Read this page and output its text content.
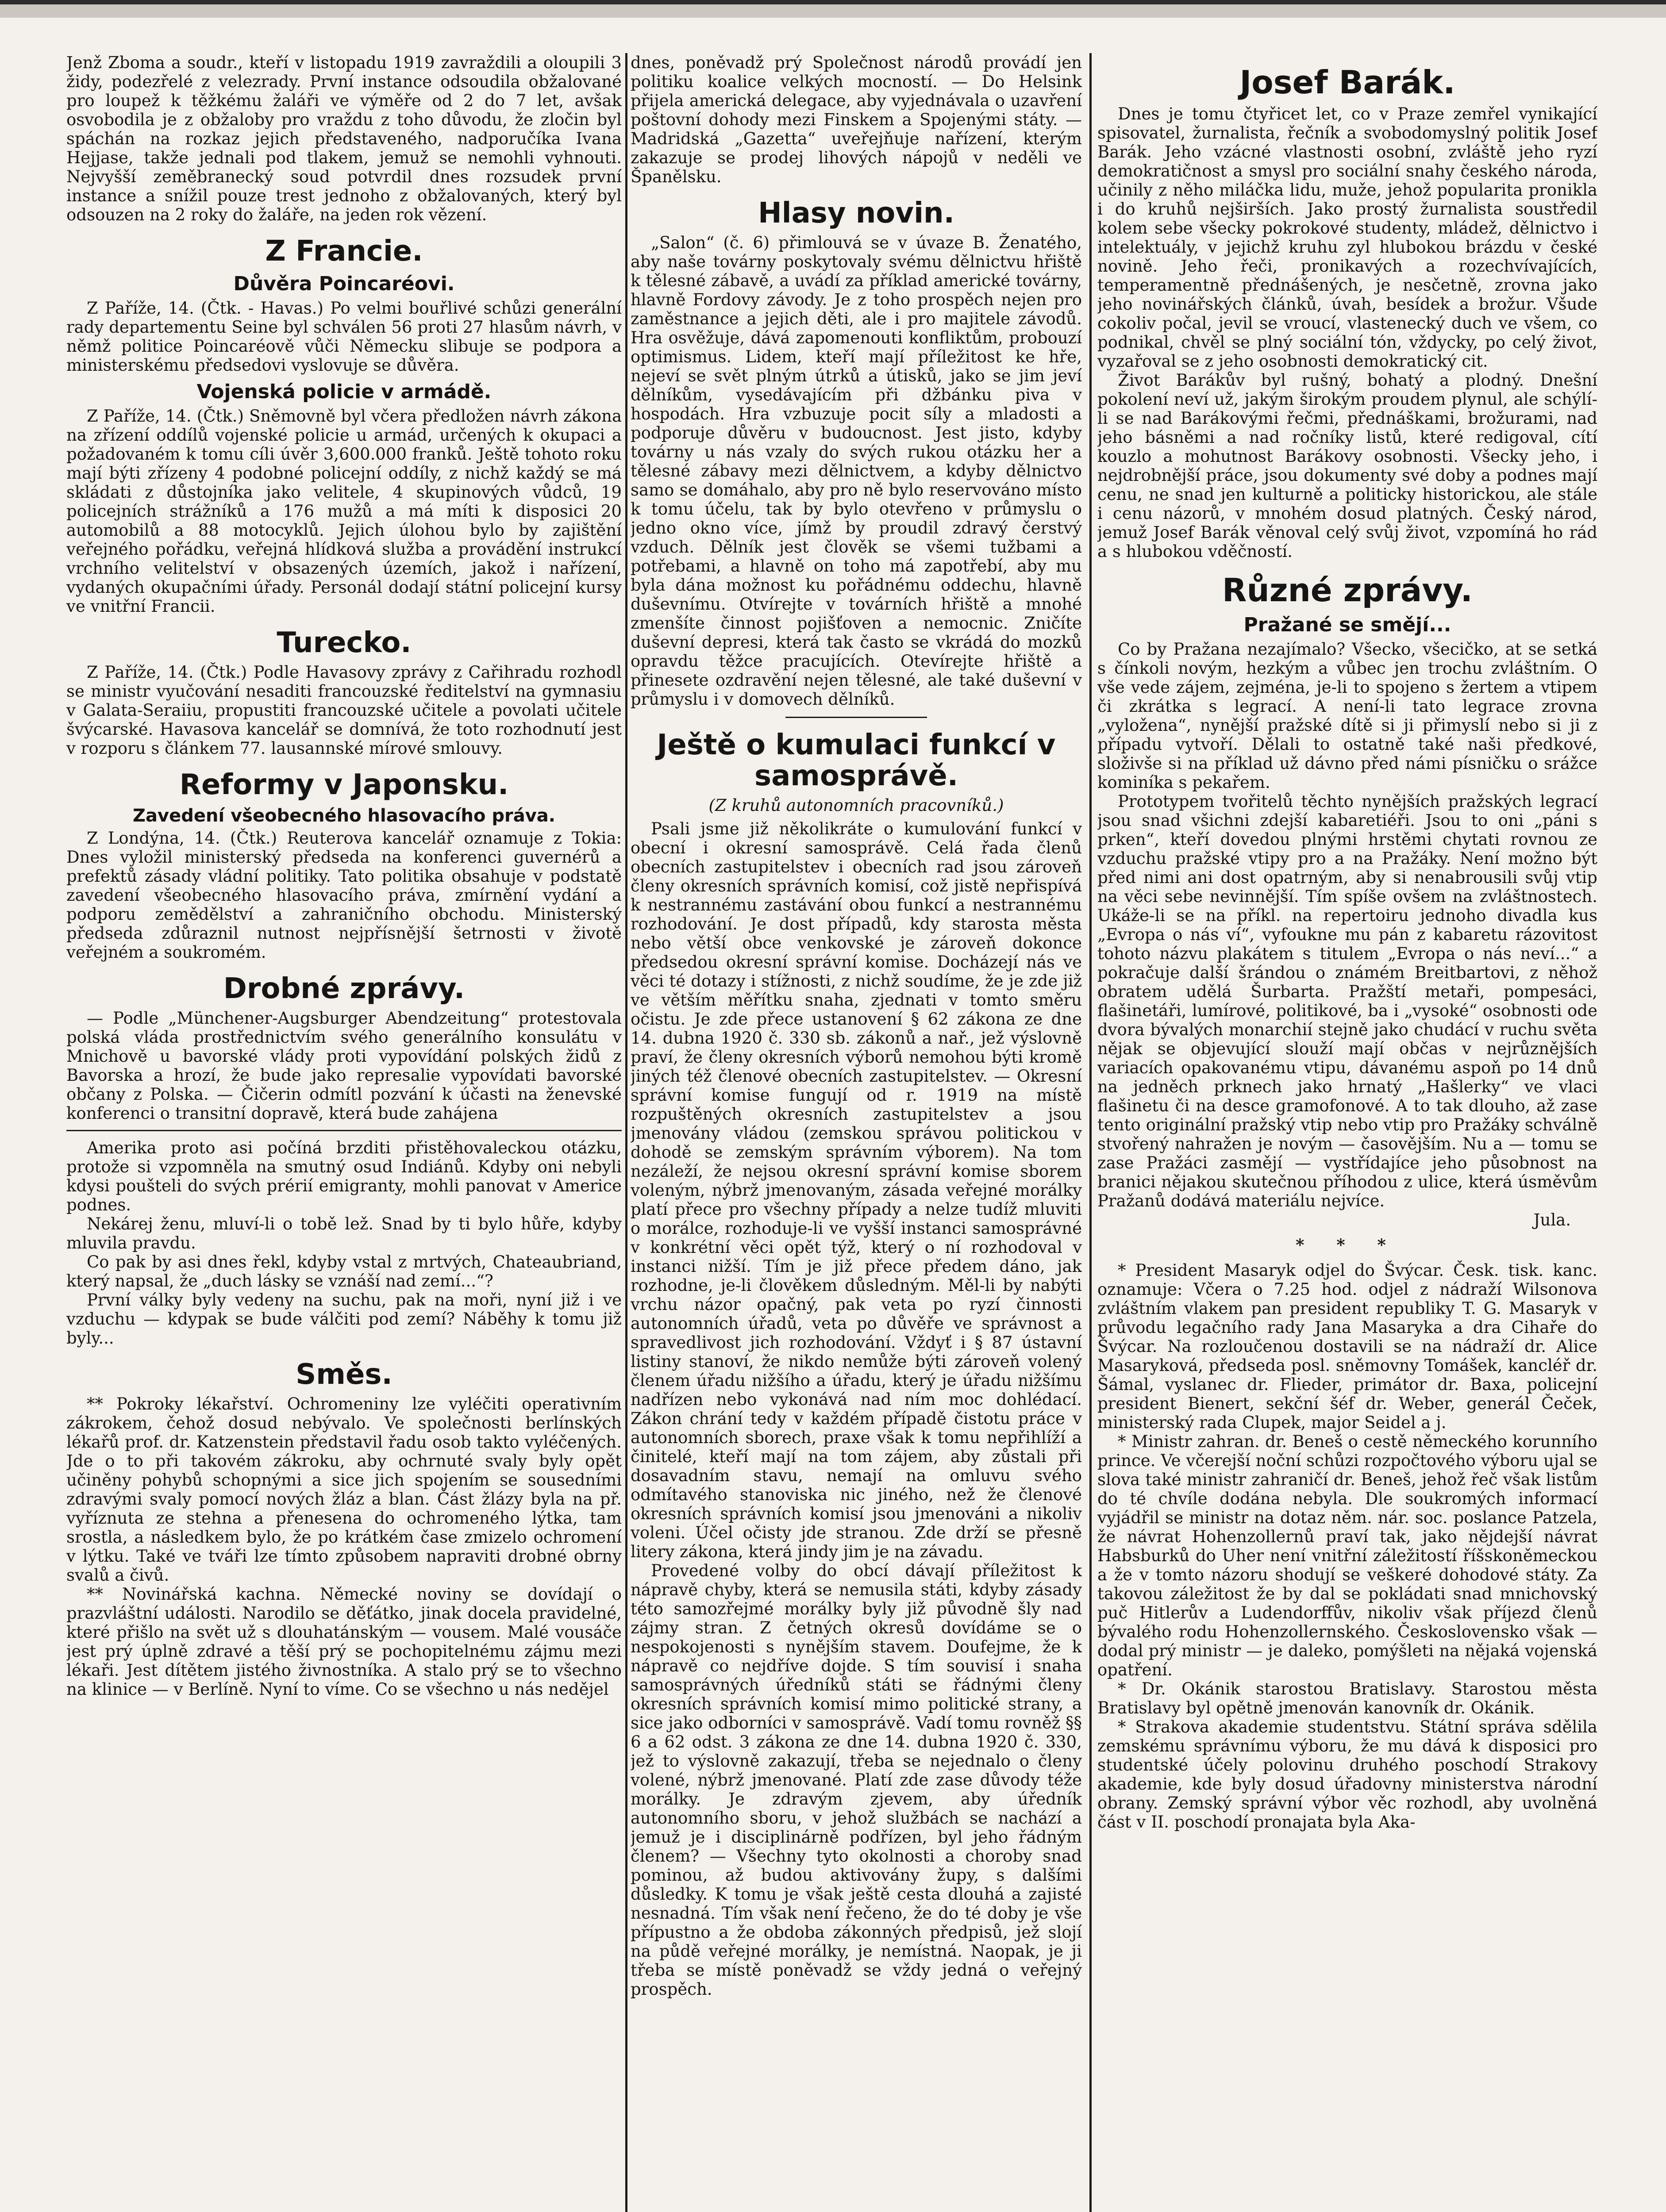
Jenž Zboma a soudr., kteří v listopadu 1919 zavraždili a oloupili 3 židy, podezřelé z velezrady. První instance odsoudila obžalované pro loupež k těžkému žaláři ve výměře od 2 do 7 let, avšak osvobodila je z obžaloby pro vraždu z toho důvodu, že zločin byl spáchán na rozkaz jejich představeného, nadporučíka Ivana Hejjase, takže jednali pod tlakem, jemuž se nemohli vyhnouti. Nejvyšší zeměbranecký soud potvrdil dnes rozsudek první instance a snížil pouze trest jednoho z obžalovaných, který byl odsouzen na 2 roky do žaláře, na jeden rok vězení.

Z Francie.
Důvěra Poincaréovi.

Z Paříže, 14. (Čtk. - Havas.) Po velmi bouřlivé schůzi generální rady departementu Seine byl schválen 56 proti 27 hlasům návrh, v němž politice Poincaréově vůči Německu slibuje se podpora a ministerskému předsedovi vyslovuje se důvěra.

Vojenská policie v armádě.

Z Paříže, 14. (Čtk.) Sněmovně byl včera předložen návrh zákona na zřízení oddílů vojenské policie u armád, určených k okupaci a požadovaném k tomu cíli úvěr 3,600.000 franků. Ještě tohoto roku mají býti zřízeny 4 podobné policejní oddíly, z nichž každý se má skládati z důstojníka jako velitele, 4 skupinových vůdců, 19 policejních strážníků a 176 mužů a má míti k disposici 20 automobilů a 88 motocyklů. Jejich úlohou bylo by zajištění veřejného pořádku, veřejná hlídková služba a provádění instrukcí vrchního velitelství v obsazených územích, jakož i nařízení, vydaných okupačními úřady. Personál dodají státní policejní kursy ve vnitřní Francii.

Turecko.

Z Paříže, 14. (Čtk.) Podle Havasovy zprávy z Cařihradu rozhodl se ministr vyučování nesaditi francouzské ředitelství na gymnasiu v Galata-Seraiiu, propustiti francouzské učitele a povolati učitele švýcarské. Havasova kancelář se domnívá, že toto rozhodnutí jest v rozporu s článkem 77. lausannské mírové smlouvy.

Reformy v Japonsku.
Zavedení všeobecného hlasovacího práva.

Z Londýna, 14. (Čtk.) Reuterova kancelář oznamuje z Tokia: Dnes vyložil ministerský předseda na konferenci guvernérů a prefektů zásady vládní politiky. Tato politika obsahuje v podstatě zavedení všeobecného hlasovacího práva, zmírnění vydání a podporu zemědělství a zahraničního obchodu. Ministerský předseda zdůraznil nutnost nejpřísnější šetrnosti v životě veřejném a soukromém.

Drobné zprávy.

— Podle „Münchener-Augsburger Abendzeitung“ protestovala polská vláda prostřednictvím svého generálního konsulátu v Mnichově u bavorské vlády proti vypovídání polských židů z Bavorska a hrozí, že bude jako represalie vypovídati bavorské občany z Polska. — Čičerin odmítl pozvání k účasti na ženevské konferenci o transitní dopravě, která bude zahájena

Amerika proto asi počíná brzditi přistěhovaleckou otázku, protože si vzpomněla na smutný osud Indiánů. Kdyby oni nebyli kdysi poušteli do svých prérií emigranty, mohli panovat v Americe podnes.

Nekárej ženu, mluví-li o tobě lež. Snad by ti bylo hůře, kdyby mluvila pravdu.

Co pak by asi dnes řekl, kdyby vstal z mrtvých, Chateaubriand, který napsal, že „duch lásky se vznáší nad zemí...“?

První války byly vedeny na suchu, pak na moři, nyní již i ve vzduchu — kdypak se bude válčiti pod zemí? Náběhy k tomu již byly...

Směs.

** Pokroky lékařství. Ochromeniny lze vyléčiti operativním zákrokem, čehož dosud nebývalo. Ve společnosti berlínských lékařů prof. dr. Katzenstein představil řadu osob takto vyléčených. Jde o to při takovém zákroku, aby ochrnuté svaly byly opět učiněny pohybů schopnými a sice jich spojením se sousedními zdravými svaly pomocí nových žláz a blan. Část žlázy byla na př. vyříznuta ze stehna a přenesena do ochromeného lýtka, tam srostla, a následkem bylo, že po krátkém čase zmizelo ochromení v lýtku. Také ve tváři lze tímto způsobem napraviti drobné obrny svalů a čivů.

** Novinářská kachna. Německé noviny se dovídají o prazvláštní události. Narodilo se děťátko, jinak docela pravidelné, které přišlo na svět už s dlouhatánským — vousem. Malé vousáče jest prý úplně zdravé a těší prý se pochopitelnému zájmu mezi lékaři. Jest dítětem jistého živnostníka. A stalo prý se to všechno na klinice — v Berlíně. Nyní to víme. Co se všechno u nás nedějel

dnes, poněvadž prý Společnost národů provádí jen politiku koalice velkých mocností. — Do Helsink přijela americká delegace, aby vyjednávala o uzavření poštovní dohody mezi Finskem a Spojenými státy. — Madridská „Gazetta“ uveřejňuje nařízení, kterým zakazuje se prodej lihových nápojů v neděli ve Španělsku.

Hlasy novin.

„Salon“ (č. 6) přimlouvá se v úvaze B. Ženatého, aby naše továrny poskytovaly svému dělnictvu hřiště k tělesné zábavě, a uvádí za příklad americké továrny, hlavně Fordovy závody. Je z toho prospěch nejen pro zaměstnance a jejich děti, ale i pro majitele závodů. Hra osvěžuje, dává zapomenouti konfliktům, probouzí optimismus. Lidem, kteří mají příležitost ke hře, nejeví se svět plným útrků a útisků, jako se jim jeví dělníkům, vysedávajícím při džbánku piva v hospodách. Hra vzbuzuje pocit síly a mladosti a podporuje důvěru v budoucnost. Jest jisto, kdyby továrny u nás vzaly do svých rukou otázku her a tělesné zábavy mezi dělnictvem, a kdyby dělnictvo samo se domáhalo, aby pro ně bylo reservováno místo k tomu účelu, tak by bylo otevřeno v průmyslu o jedno okno více, jímž by proudil zdravý čerstvý vzduch. Dělník jest člověk se všemi tužbami a potřebami, a hlavně on toho má zapotřebí, aby mu byla dána možnost ku pořádnému oddechu, hlavně duševnímu. Otvírejte v továrních hřiště a mnohé zmenšíte činnost pojišťoven a nemocnic. Zničíte duševní depresi, která tak často se vkrádá do mozků opravdu těžce pracujících. Otevírejte hřiště a přinesete ozdravění nejen tělesné, ale také duševní v průmyslu i v domovech dělníků.

Ještě o kumulaci funkcí v samosprávě.
(Z kruhů autonomních pracovníků.)

Psali jsme již několikráte o kumulování funkcí v obecní i okresní samosprávě. Celá řada členů obecních zastupitelstev i obecních rad jsou zároveň členy okresních správních komisí, což jistě nepřispívá k nestrannému zastávání obou funkcí a nestrannému rozhodování. Je dost případů, kdy starosta města nebo větší obce venkovské je zároveň dokonce předsedou okresní správní komise. Docházejí nás ve věci té dotazy i stížnosti, z nichž soudíme, že je zde již ve větším měřítku snaha, zjednati v tomto směru očistu. Je zde přece ustanovení § 62 zákona ze dne 14. dubna 1920 č. 330 sb. zákonů a nař., jež výslovně praví, že členy okresních výborů nemohou býti kromě jiných též členové obecních zastupitelstev. — Okresní správní komise fungují od r. 1919 na místě rozpuštěných okresních zastupitelstev a jsou jmenovány vládou (zemskou správou politickou v dohodě se zemským správním výborem). Na tom nezáleží, že nejsou okresní správní komise sborem voleným, nýbrž jmenovaným, zásada veřejné morálky platí přece pro všechny případy a nelze tudíž mluviti o morálce, rozhoduje-li ve vyšší instanci samosprávné v konkrétní věci opět týž, který o ní rozhodoval v instanci nižší. Tím je již přece předem dáno, jak rozhodne, je-li člověkem důsledným. Měl-li by nabýti vrchu názor opačný, pak veta po ryzí činnosti autonomních úřadů, veta po důvěře ve správnost a spravedlivost jich rozhodování. Vždyť i § 87 ústavní listiny stanoví, že nikdo nemůže býti zároveň volený členem úřadu nižšího a úřadu, který je úřadu nižšímu nadřízen nebo vykonává nad ním moc dohlédací. Zákon chrání tedy v každém případě čistotu práce v autonomních sborech, praxe však k tomu nepřihlíží a činitelé, kteří mají na tom zájem, aby zůstali při dosavadním stavu, nemají na omluvu svého odmítavého stanoviska nic jiného, než že členové okresních správních komisí jsou jmenováni a nikoliv voleni. Účel očisty jde stranou. Zde drží se přesně litery zákona, která jindy jim je na závadu.

Provedené volby do obcí dávají příležitost k nápravě chyby, která se nemusila státi, kdyby zásady této samozřejmé morálky byly již původně šly nad zájmy stran. Z četných okresů dovídáme se o nespokojenosti s nynějším stavem. Doufejme, že k nápravě co nejdříve dojde. S tím souvisí i snaha samosprávných úředníků státi se řádnými členy okresních správních komisí mimo politické strany, a sice jako odborníci v samosprávě. Vadí tomu rovněž §§ 6 a 62 odst. 3 zákona ze dne 14. dubna 1920 č. 330, jež to výslovně zakazují, třeba se nejednalo o členy volené, nýbrž jmenované. Platí zde zase důvody téže morálky. Je zdravým zjevem, aby úředník autonomního sboru, v jehož službách se nachází a jemuž je i disciplinárně podřízen, byl jeho řádným členem? — Všechny tyto okolnosti a choroby snad pominou, až budou aktivovány župy, s dalšími důsledky. K tomu je však ještě cesta dlouhá a zajisté nesnadná. Tím však není řečeno, že do té doby je vše přípustno a že obdoba zákonných předpisů, jež slojí na půdě veřejné morálky, je nemístná. Naopak, je ji třeba se místě poněvadž se vždy jedná o veřejný prospěch.

Josef Barák.

Dnes je tomu čtyřicet let, co v Praze zemřel vynikající spisovatel, žurnalista, řečník a svobodomyslný politik Josef Barák. Jeho vzácné vlastnosti osobní, zvláště jeho ryzí demokratičnost a smysl pro sociální snahy českého národa, učinily z něho miláčka lidu, muže, jehož popularita pronikla i do kruhů nejširších. Jako prostý žurnalista soustředil kolem sebe všecky pokrokové studenty, mládež, dělnictvo i intelektuály, v jejichž kruhu zyl hlubokou brázdu v české novině. Jeho řeči, pronikavých a rozechvívajících, temperamentně přednášených, je nesčetně, zrovna jako jeho novinářských článků, úvah, besídek a brožur. Všude cokoliv počal, jevil se vroucí, vlastenecký duch ve všem, co podnikal, chvěl se plný sociální tón, vždycky, po celý život, vyzařoval se z jeho osobnosti demokratický cit.

Život Barákův byl rušný, bohatý a plodný. Dnešní pokolení neví už, jakým širokým proudem plynul, ale schýlí-li se nad Barákovými řečmi, přednáškami, brožurami, nad jeho básněmi a nad ročníky listů, které redigoval, cítí kouzlo a mohutnost Barákovy osobnosti. Všecky jeho, i nejdrobnější práce, jsou dokumenty své doby a podnes mají cenu, ne snad jen kulturně a politicky historickou, ale stále i cenu názorů, v mnohém dosud platných. Český národ, jemuž Josef Barák věnoval celý svůj život, vzpomíná ho rád a s hlubokou vděčností.

Různé zprávy.
Pražané se smějí...

Co by Pražana nezajímalo? Všecko, všecičko, at se setká s čínkoli novým, hezkým a vůbec jen trochu zvláštním. O vše vede zájem, zejména, je-li to spojeno s žertem a vtipem či zkrátka s legrací. A není-li tato legrace zrovna „vyložena“, nynější pražské dítě si ji přimyslí nebo si ji z případu vytvoří. Dělali to ostatně také naši předkové, složivše si na příklad už dávno před námi písničku o srážce kominíka s pekařem.

Prototypem tvořitelů těchto nynějších pražských legrací jsou snad všichni zdejší kabaretiéři. Jsou to oni „páni s prken“, kteří dovedou plnými hrstěmi chytati rovnou ze vzduchu pražské vtipy pro a na Pražáky. Není možno být před nimi ani dost opatrným, aby si nenabrousili svůj vtip na věci sebe nevinnější. Tím spíše ovšem na zvláštnostech. Ukáže-li se na příkl. na repertoiru jednoho divadla kus „Evropa o nás ví“, vyfoukne mu pán z kabaretu rázovitost tohoto názvu plakátem s titulem „Evropa o nás neví...“ a pokračuje další šrándou o známém Breitbartovi, z něhož obratem udělá Šurbarta. Pražští metaři, pompesáci, flašinetáři, lumírové, politikové, ba i „vysoké“ osobnosti ode dvora bývalých monarchií stejně jako chudácí v ruchu světa nějak se objevující slouží mají občas v nejrůznějších variacích opakovanému vtipu, dávanému aspoň po 14 dnů na jedněch prknech jako hrnatý „Hašlerky“ ve vlaci flašinetu či na desce gramofonové. A to tak dlouho, až zase tento originální pražský vtip nebo vtip pro Pražáky schválně stvořený nahražen je novým — časovějším. Nu a — tomu se zase Pražáci zasmějí — vystřídajíce jeho působnost na branici nějakou skutečnou příhodou z ulice, která úsměvům Pražanů dodává materiálu nejvíce.

Jula.
* * *

* President Masaryk odjel do Švýcar. Česk. tisk. kanc. oznamuje: Včera o 7.25 hod. odjel z nádraží Wilsonova zvláštním vlakem pan president republiky T. G. Masaryk v průvodu legačního rady Jana Masaryka a dra Cihaře do Švýcar. Na rozloučenou dostavili se na nádraží dr. Alice Masaryková, předseda posl. sněmovny Tomášek, kancléř dr. Šámal, vyslanec dr. Flieder, primátor dr. Baxa, policejní president Bienert, sekční šéf dr. Weber, generál Čeček, ministerský rada Clupek, major Seidel a j.

* Ministr zahran. dr. Beneš o cestě německého korunního prince. Ve včerejší noční schůzi rozpočtového výboru ujal se slova také ministr zahraničí dr. Beneš, jehož řeč však listům do té chvíle dodána nebyla. Dle soukromých informací vyjádřil se ministr na dotaz něm. nár. soc. poslance Patzela, že návrat Hohenzollernů praví tak, jako nějdejší návrat Habsburků do Uher není vnitřní záležitostí říšskoněmeckou a že v tomto názoru shodují se veškeré dohodové státy. Za takovou záležitost že by dal se pokládati snad mnichovský puč Hitlerův a Ludendorffův, nikoliv však příjezd členů bývalého rodu Hohenzollernského. Československo však — dodal prý ministr — je daleko, pomýšleti na nějaká vojenská opatření.

* Dr. Okánik starostou Bratislavy. Starostou města Bratislavy byl opětně jmenován kanovník dr. Okánik.

* Strakova akademie studentstvu. Státní správa sdělila zemskému správnímu výboru, že mu dává k disposici pro studentské účely polovinu druhého poschodí Strakovy akademie, kde byly dosud úřadovny ministerstva národní obrany. Zemský správní výbor věc rozhodl, aby uvolněná část v II. poschodí pronajata byla Aka-
